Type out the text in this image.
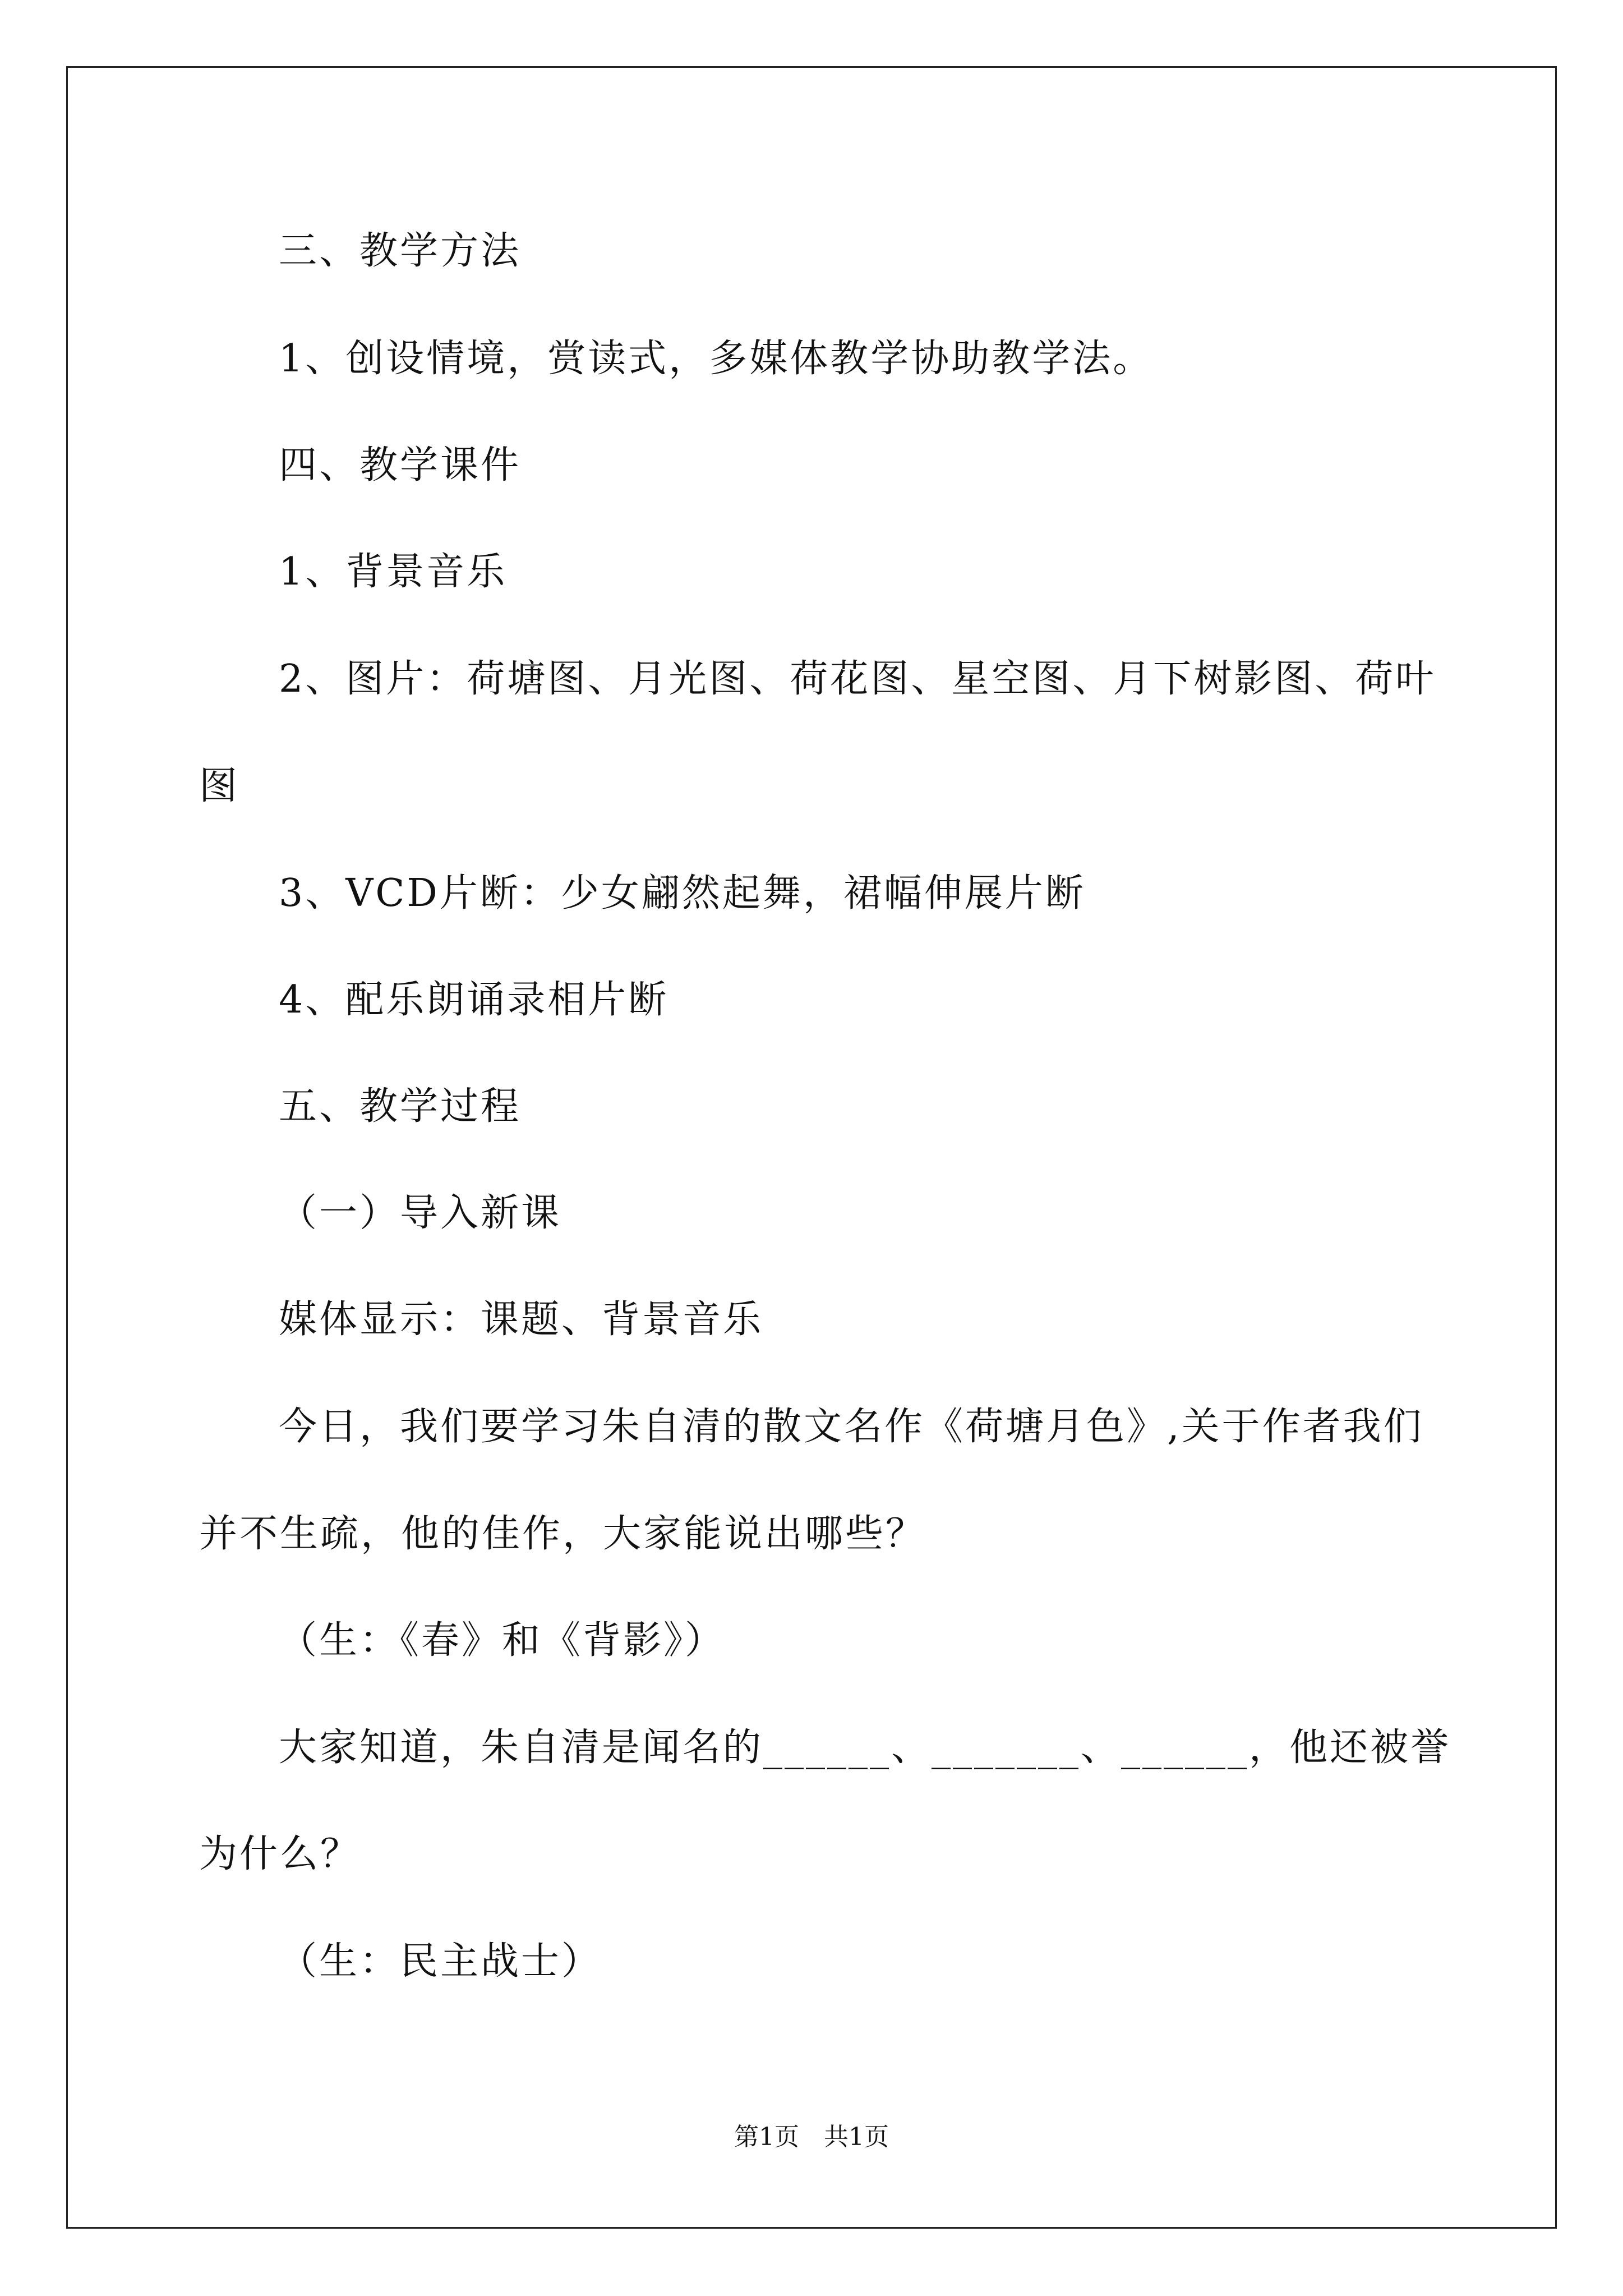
三、教学方法
1、创设情境，赏读式，多媒体教学协助教学法。
四、教学课件
1、背景音乐
2、图片：荷塘图、月光图、荷花图、星空图、月下树影图、荷叶
图
3、VCD片断：少女翩然起舞，裙幅伸展片断
4、配乐朗诵录相片断
五、教学过程
（一）导入新课
媒体显示：课题、背景音乐
今日，我们要学习朱自清的散文名作《荷塘月色》,关于作者我们
并不生疏，他的佳作，大家能说出哪些？
（生：《春》和《背影》）
大家知道，朱自清是闻名的______、_______、______，他还被誉
为什么？
（生：民主战士）
第1页　共1页
